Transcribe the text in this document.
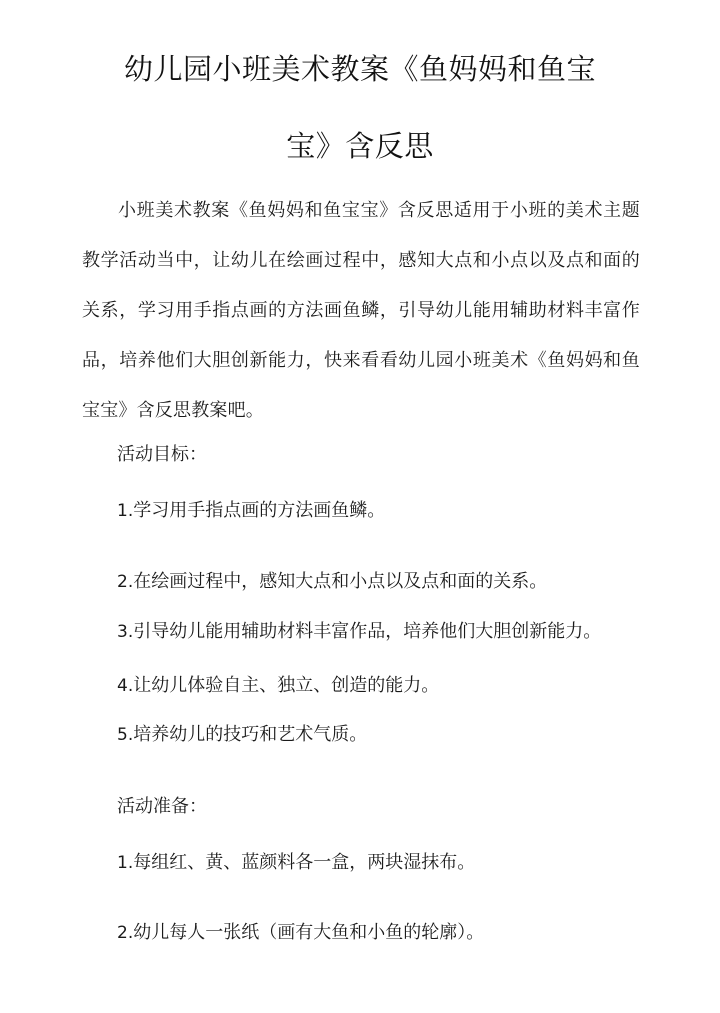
幼儿园小班美术教案《鱼妈妈和鱼宝
宝》含反思
小班美术教案《鱼妈妈和鱼宝宝》含反思适用于小班的美术主题教学活动当中，让幼儿在绘画过程中，感知大点和小点以及点和面的关系，学习用手指点画的方法画鱼鳞，引导幼儿能用辅助材料丰富作品，培养他们大胆创新能力，快来看看幼儿园小班美术《鱼妈妈和鱼宝宝》含反思教案吧。
活动目标：
1.学习用手指点画的方法画鱼鳞。
2.在绘画过程中，感知大点和小点以及点和面的关系。
3.引导幼儿能用辅助材料丰富作品，培养他们大胆创新能力。
4.让幼儿体验自主、独立、创造的能力。
5.培养幼儿的技巧和艺术气质。
活动准备：
1.每组红、黄、蓝颜料各一盒，两块湿抹布。
2.幼儿每人一张纸（画有大鱼和小鱼的轮廓）。
